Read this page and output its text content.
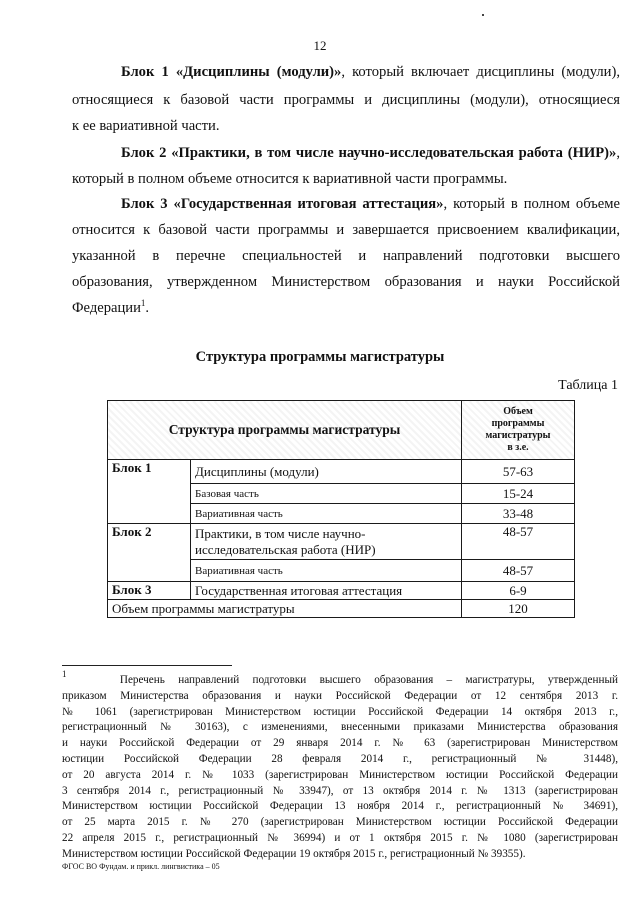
12
Блок 1 «Дисциплины (модули)», который включает дисциплины (модули),
относящиеся к базовой части программы и дисциплины (модули), относящиеся
к ее вариативной части.
Блок 2 «Практики, в том числе научно-исследовательская работа (НИР)»,
который в полном объеме относится к вариативной части программы.
Блок 3 «Государственная итоговая аттестация», который в полном объеме
относится к базовой части программы и завершается присвоением квалификации,
указанной в перечне специальностей и направлений подготовки высшего
образования, утвержденном Министерством образования и науки Российской
Федерации$^1$.
Структура программы магистратуры
Таблица 1
Структура программы магистратуры		Объем
программы
магистратуры
в з.е.

Блок 1	Дисциплины (модули)	57-63
	Базовая часть	15-24
	Вариативная часть	33-48
Блок 2	Практики, в том числе научно-исследовательская работа (НИР)	48-57
	Вариативная часть	48-57
Блок 3	Государственная итоговая аттестация	6-9
Объем программы магистратуры		120
$^1$	Перечень направлений подготовки высшего образования – магистратуры, утвержденный
приказом Министерства образования и науки Российской Федерации от 12 сентября 2013 г.
№ 1061 (зарегистрирован Министерством юстиции Российской Федерации 14 октября 2013 г.,
регистрационный № 30163), с изменениями, внесенными приказами Министерства образования
и науки Российской Федерации от 29 января 2014 г. № 63 (зарегистрирован Министерством
юстиции Российской Федерации 28 февраля 2014 г., регистрационный № 31448),
от 20 августа 2014 г. № 1033 (зарегистрирован Министерством юстиции Российской Федерации
3 сентября 2014 г., регистрационный № 33947), от 13 октября 2014 г. № 1313 (зарегистрирован
Министерством юстиции Российской Федерации 13 ноября 2014 г., регистрационный № 34691),
от 25 марта 2015 г. № 270 (зарегистрирован Министерством юстиции Российской Федерации
22 апреля 2015 г., регистрационный № 36994) и от 1 октября 2015 г. № 1080 (зарегистрирован
Министерством юстиции Российской Федерации 19 октября 2015 г., регистрационный № 39355).
ФГОС ВО Фундам. и прикл. лингвистика – 05
